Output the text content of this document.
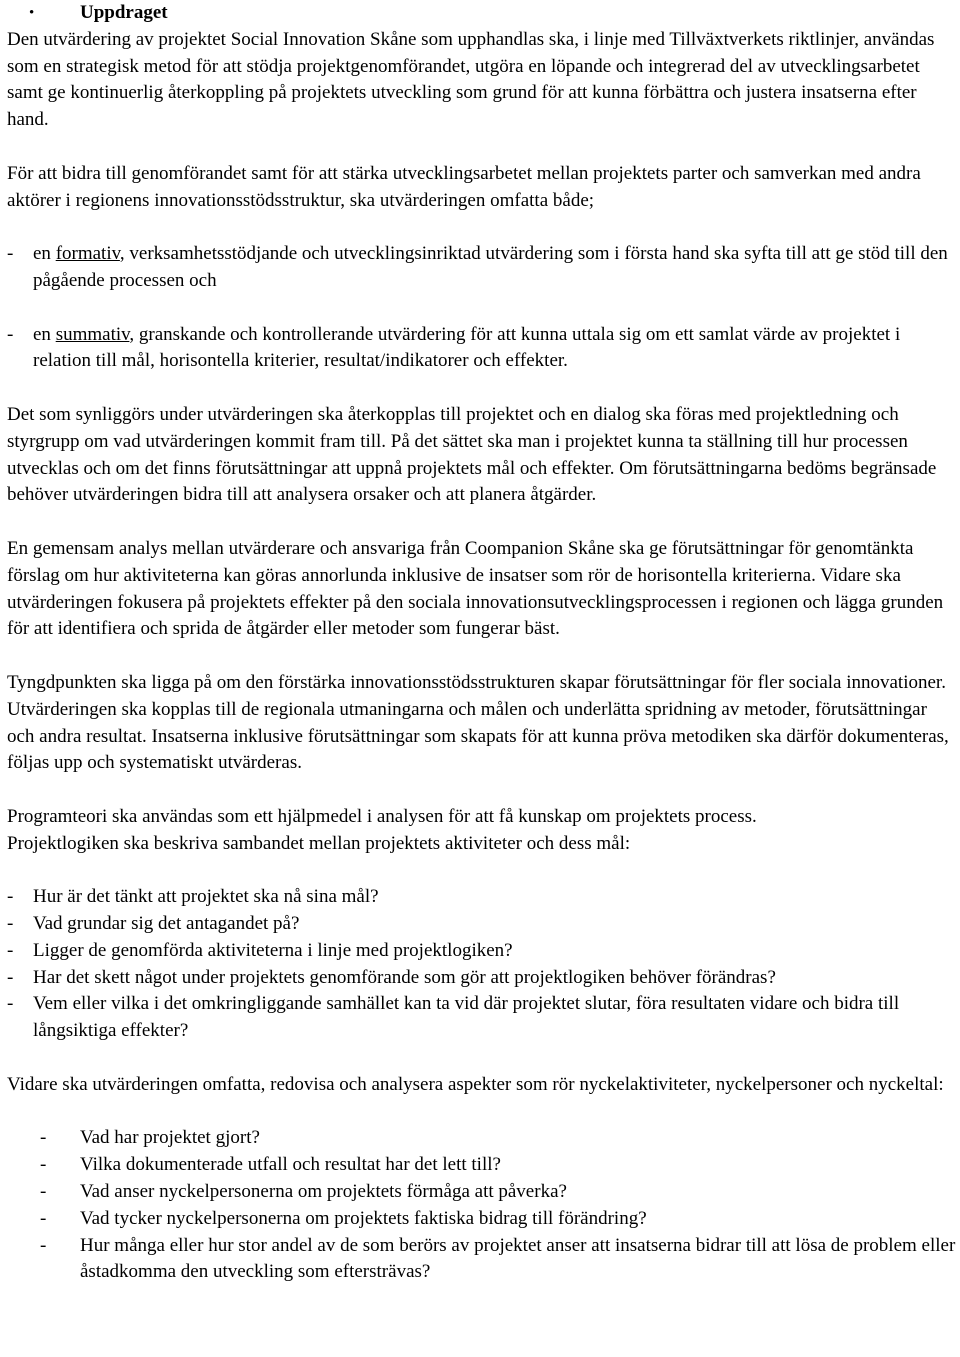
• Uppdraget

Den utvärdering av projektet Social Innovation Skåne som upphandlas ska, i linje med Tillväxtverkets riktlinjer, användas som en strategisk metod för att stödja projektgenomförandet, utgöra en löpande och integrerad del av utvecklingsarbetet samt ge kontinuerlig återkoppling på projektets utveckling som grund för att kunna förbättra och justera insatserna efter hand.

För att bidra till genomförandet samt för att stärka utvecklingsarbetet mellan projektets parter och samverkan med andra aktörer i regionens innovationsstödsstruktur, ska utvärderingen omfatta både;

- en formativ, verksamhetsstödjande och utvecklingsinriktad utvärdering som i första hand ska syfta till att ge stöd till den pågående processen och
- en summativ, granskande och kontrollerande utvärdering för att kunna uttala sig om ett samlat värde av projektet i relation till mål, horisontella kriterier, resultat/indikatorer och effekter.

Det som synliggörs under utvärderingen ska återkopplas till projektet och en dialog ska föras med projektledning och styrgrupp om vad utvärderingen kommit fram till. På det sättet ska man i projektet kunna ta ställning till hur processen utvecklas och om det finns förutsättningar att uppnå projektets mål och effekter. Om förutsättningarna bedöms begränsade behöver utvärderingen bidra till att analysera orsaker och att planera åtgärder.

En gemensam analys mellan utvärderare och ansvariga från Coompanion Skåne ska ge förutsättningar för genomtänkta förslag om hur aktiviteterna kan göras annorlunda inklusive de insatser som rör de horisontella kriterierna. Vidare ska utvärderingen fokusera på projektets effekter på den sociala innovationsutvecklingsprocessen i regionen och lägga grunden för att identifiera och sprida de åtgärder eller metoder som fungerar bäst.

Tyngdpunkten ska ligga på om den förstärka innovationsstödsstrukturen skapar förutsättningar för fler sociala innovationer. Utvärderingen ska kopplas till de regionala utmaningarna och målen och underlätta spridning av metoder, förutsättningar och andra resultat. Insatserna inklusive förutsättningar som skapats för att kunna pröva metodiken ska därför dokumenteras, följas upp och systematiskt utvärderas.

Programteori ska användas som ett hjälpmedel i analysen för att få kunskap om projektets process.

Projektlogiken ska beskriva sambandet mellan projektets aktiviteter och dess mål:

- Hur är det tänkt att projektet ska nå sina mål?
- Vad grundar sig det antagandet på?
- Ligger de genomförda aktiviteterna i linje med projektlogiken?
- Har det skett något under projektets genomförande som gör att projektlogiken behöver förändras?
- Vem eller vilka i det omkringliggande samhället kan ta vid där projektet slutar, föra resultaten vidare och bidra till långsiktiga effekter?

Vidare ska utvärderingen omfatta, redovisa och analysera aspekter som rör nyckelaktiviteter, nyckelpersoner och nyckeltal:

- Vad har projektet gjort?
- Vilka dokumenterade utfall och resultat har det lett till?
- Vad anser nyckelpersonerna om projektets förmåga att påverka?
- Vad tycker nyckelpersonerna om projektets faktiska bidrag till förändring?
- Hur många eller hur stor andel av de som berörs av projektet anser att insatserna bidrar till att lösa de problem eller åstadkomma den utveckling som eftersträvas?
